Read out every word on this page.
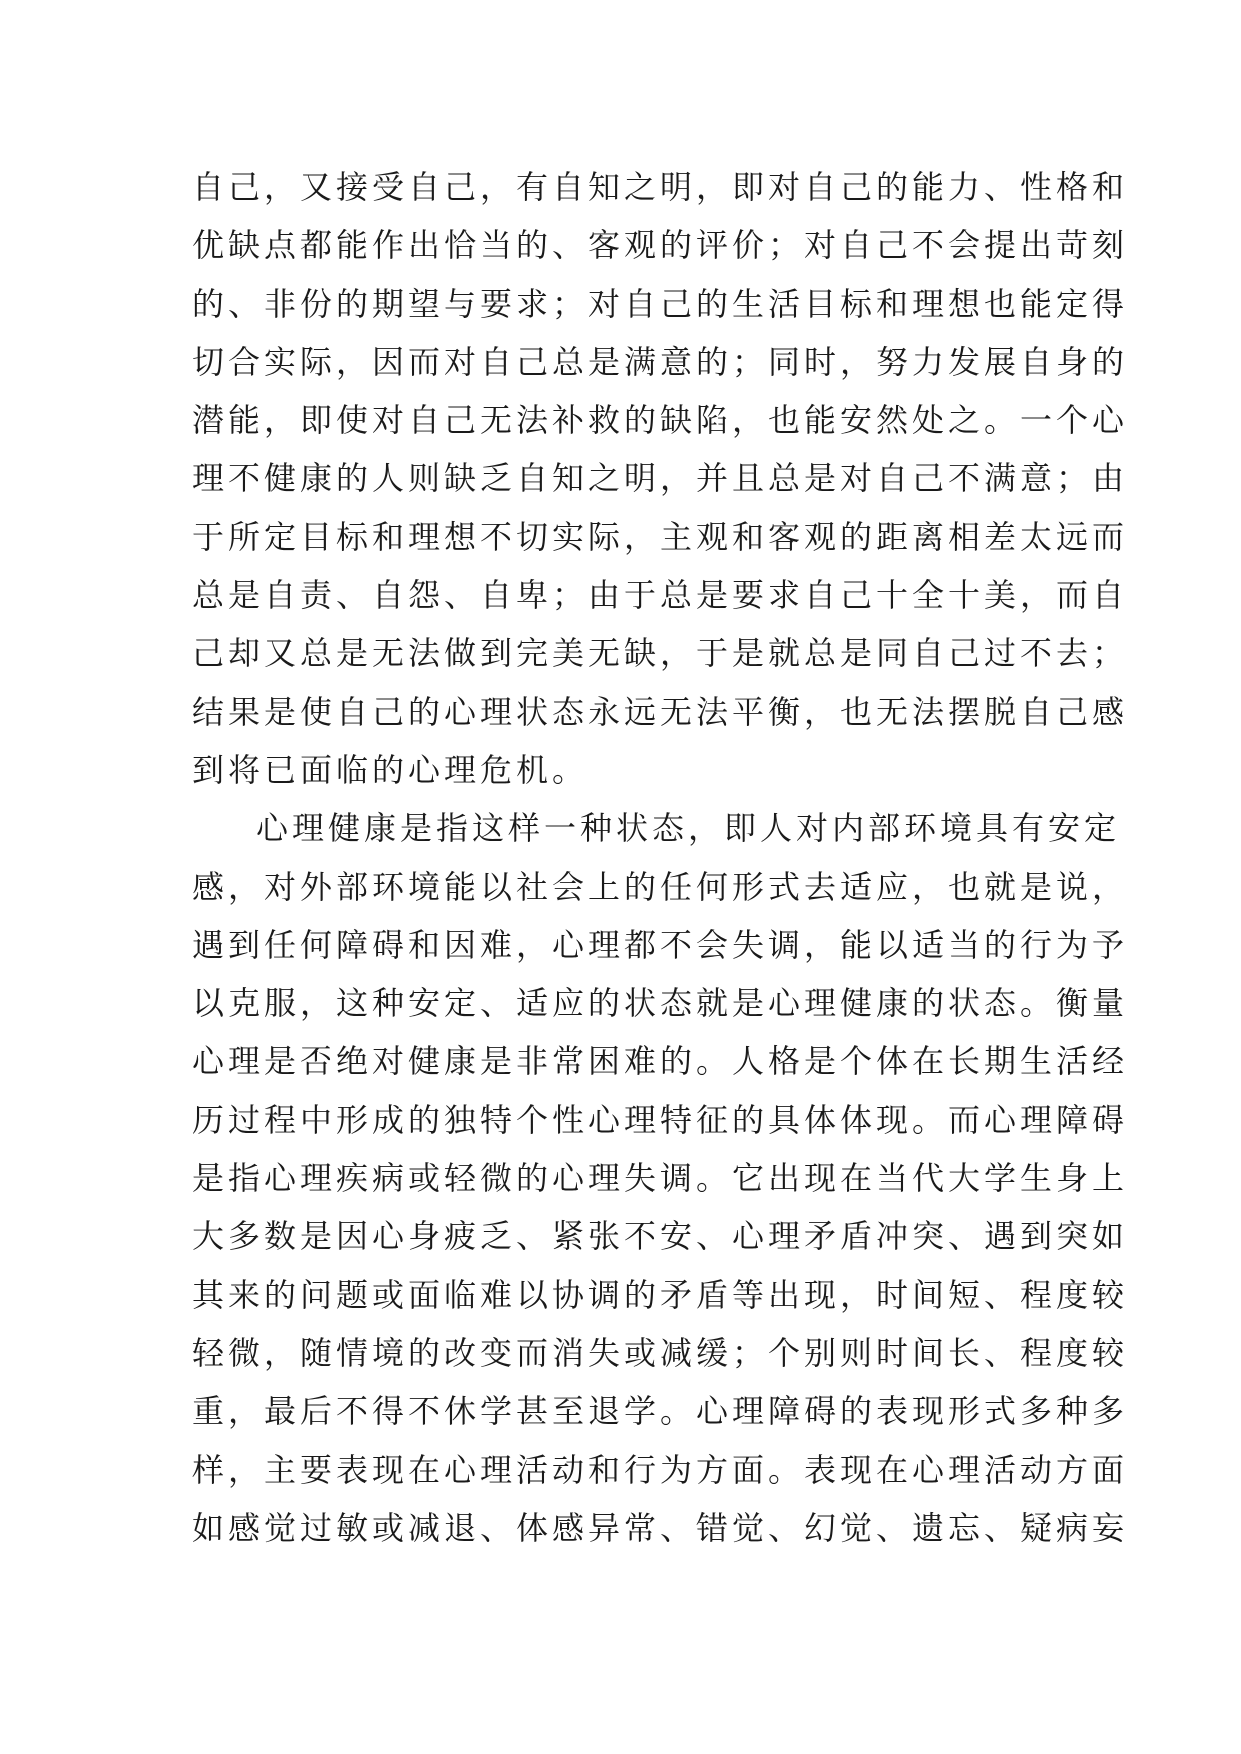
自己，又接受自己，有自知之明，即对自己的能力、性格和
优缺点都能作出恰当的、客观的评价；对自己不会提出苛刻
的、非份的期望与要求；对自己的生活目标和理想也能定得
切合实际，因而对自己总是满意的；同时，努力发展自身的
潜能，即使对自己无法补救的缺陷，也能安然处之。一个心
理不健康的人则缺乏自知之明，并且总是对自己不满意；由
于所定目标和理想不切实际，主观和客观的距离相差太远而
总是自责、自怨、自卑；由于总是要求自己十全十美，而自
己却又总是无法做到完美无缺，于是就总是同自己过不去；
结果是使自己的心理状态永远无法平衡，也无法摆脱自己感
到将已面临的心理危机。
心理健康是指这样一种状态，即人对内部环境具有安定
感，对外部环境能以社会上的任何形式去适应，也就是说，
遇到任何障碍和因难，心理都不会失调，能以适当的行为予
以克服，这种安定、适应的状态就是心理健康的状态。衡量
心理是否绝对健康是非常困难的。人格是个体在长期生活经
历过程中形成的独特个性心理特征的具体体现。而心理障碍
是指心理疾病或轻微的心理失调。它出现在当代大学生身上
大多数是因心身疲乏、紧张不安、心理矛盾冲突、遇到突如
其来的问题或面临难以协调的矛盾等出现，时间短、程度较
轻微，随情境的改变而消失或减缓；个别则时间长、程度较
重，最后不得不休学甚至退学。心理障碍的表现形式多种多
样，主要表现在心理活动和行为方面。表现在心理活动方面
如感觉过敏或减退、体感异常、错觉、幻觉、遗忘、疑病妄
